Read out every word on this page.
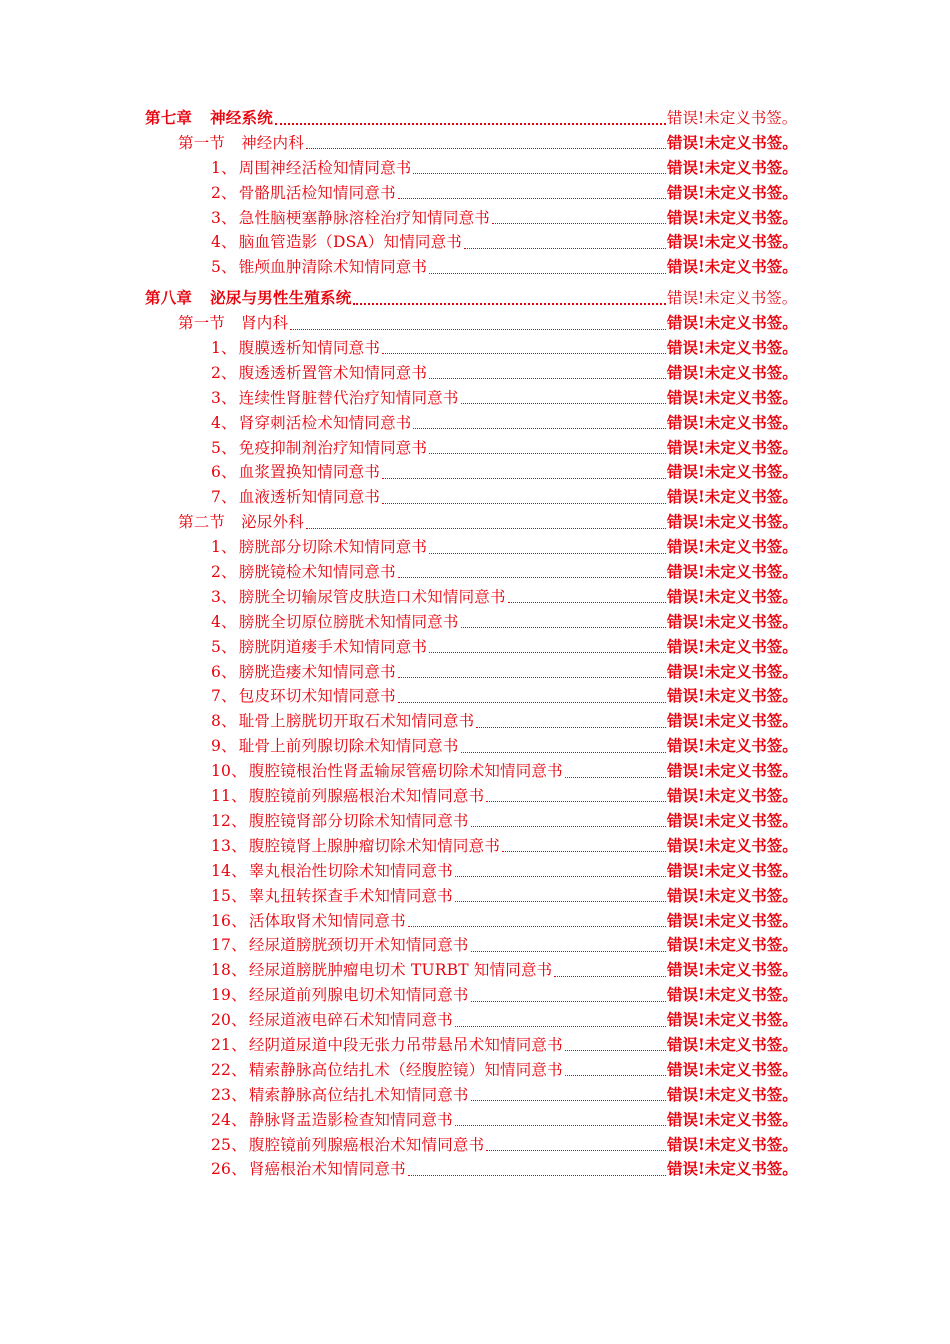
第七章 神经系统	错误!未定义书签。
第一节 神经内科	错误!未定义书签。
1、 周围神经活检知情同意书	错误!未定义书签。
2、 骨骼肌活检知情同意书	错误!未定义书签。
3、 急性脑梗塞静脉溶栓治疗知情同意书	错误!未定义书签。
4、 脑血管造影（DSA）知情同意书	错误!未定义书签。
5、 锥颅血肿清除术知情同意书	错误!未定义书签。
第八章 泌尿与男性生殖系统	错误!未定义书签。
第一节 肾内科	错误!未定义书签。
1、 腹膜透析知情同意书	错误!未定义书签。
2、 腹透透析置管术知情同意书	错误!未定义书签。
3、 连续性肾脏替代治疗知情同意书	错误!未定义书签。
4、 肾穿刺活检术知情同意书	错误!未定义书签。
5、 免疫抑制剂治疗知情同意书	错误!未定义书签。
6、 血浆置换知情同意书	错误!未定义书签。
7、 血液透析知情同意书	错误!未定义书签。
第二节 泌尿外科	错误!未定义书签。
1、 膀胱部分切除术知情同意书	错误!未定义书签。
2、 膀胱镜检术知情同意书	错误!未定义书签。
3、 膀胱全切输尿管皮肤造口术知情同意书	错误!未定义书签。
4、 膀胱全切原位膀胱术知情同意书	错误!未定义书签。
5、 膀胱阴道瘘手术知情同意书	错误!未定义书签。
6、 膀胱造瘘术知情同意书	错误!未定义书签。
7、 包皮环切术知情同意书	错误!未定义书签。
8、 耻骨上膀胱切开取石术知情同意书	错误!未定义书签。
9、 耻骨上前列腺切除术知情同意书	错误!未定义书签。
10、 腹腔镜根治性肾盂输尿管癌切除术知情同意书	错误!未定义书签。
11、 腹腔镜前列腺癌根治术知情同意书	错误!未定义书签。
12、 腹腔镜肾部分切除术知情同意书	错误!未定义书签。
13、 腹腔镜肾上腺肿瘤切除术知情同意书	错误!未定义书签。
14、 睾丸根治性切除术知情同意书	错误!未定义书签。
15、 睾丸扭转探查手术知情同意书	错误!未定义书签。
16、 活体取肾术知情同意书	错误!未定义书签。
17、 经尿道膀胱颈切开术知情同意书	错误!未定义书签。
18、 经尿道膀胱肿瘤电切术 TURBT 知情同意书	错误!未定义书签。
19、 经尿道前列腺电切术知情同意书	错误!未定义书签。
20、 经尿道液电碎石术知情同意书	错误!未定义书签。
21、 经阴道尿道中段无张力吊带悬吊术知情同意书	错误!未定义书签。
22、 精索静脉高位结扎术（经腹腔镜）知情同意书	错误!未定义书签。
23、 精索静脉高位结扎术知情同意书	错误!未定义书签。
24、 静脉肾盂造影检查知情同意书	错误!未定义书签。
25、 腹腔镜前列腺癌根治术知情同意书	错误!未定义书签。
26、 肾癌根治术知情同意书	错误!未定义书签。
